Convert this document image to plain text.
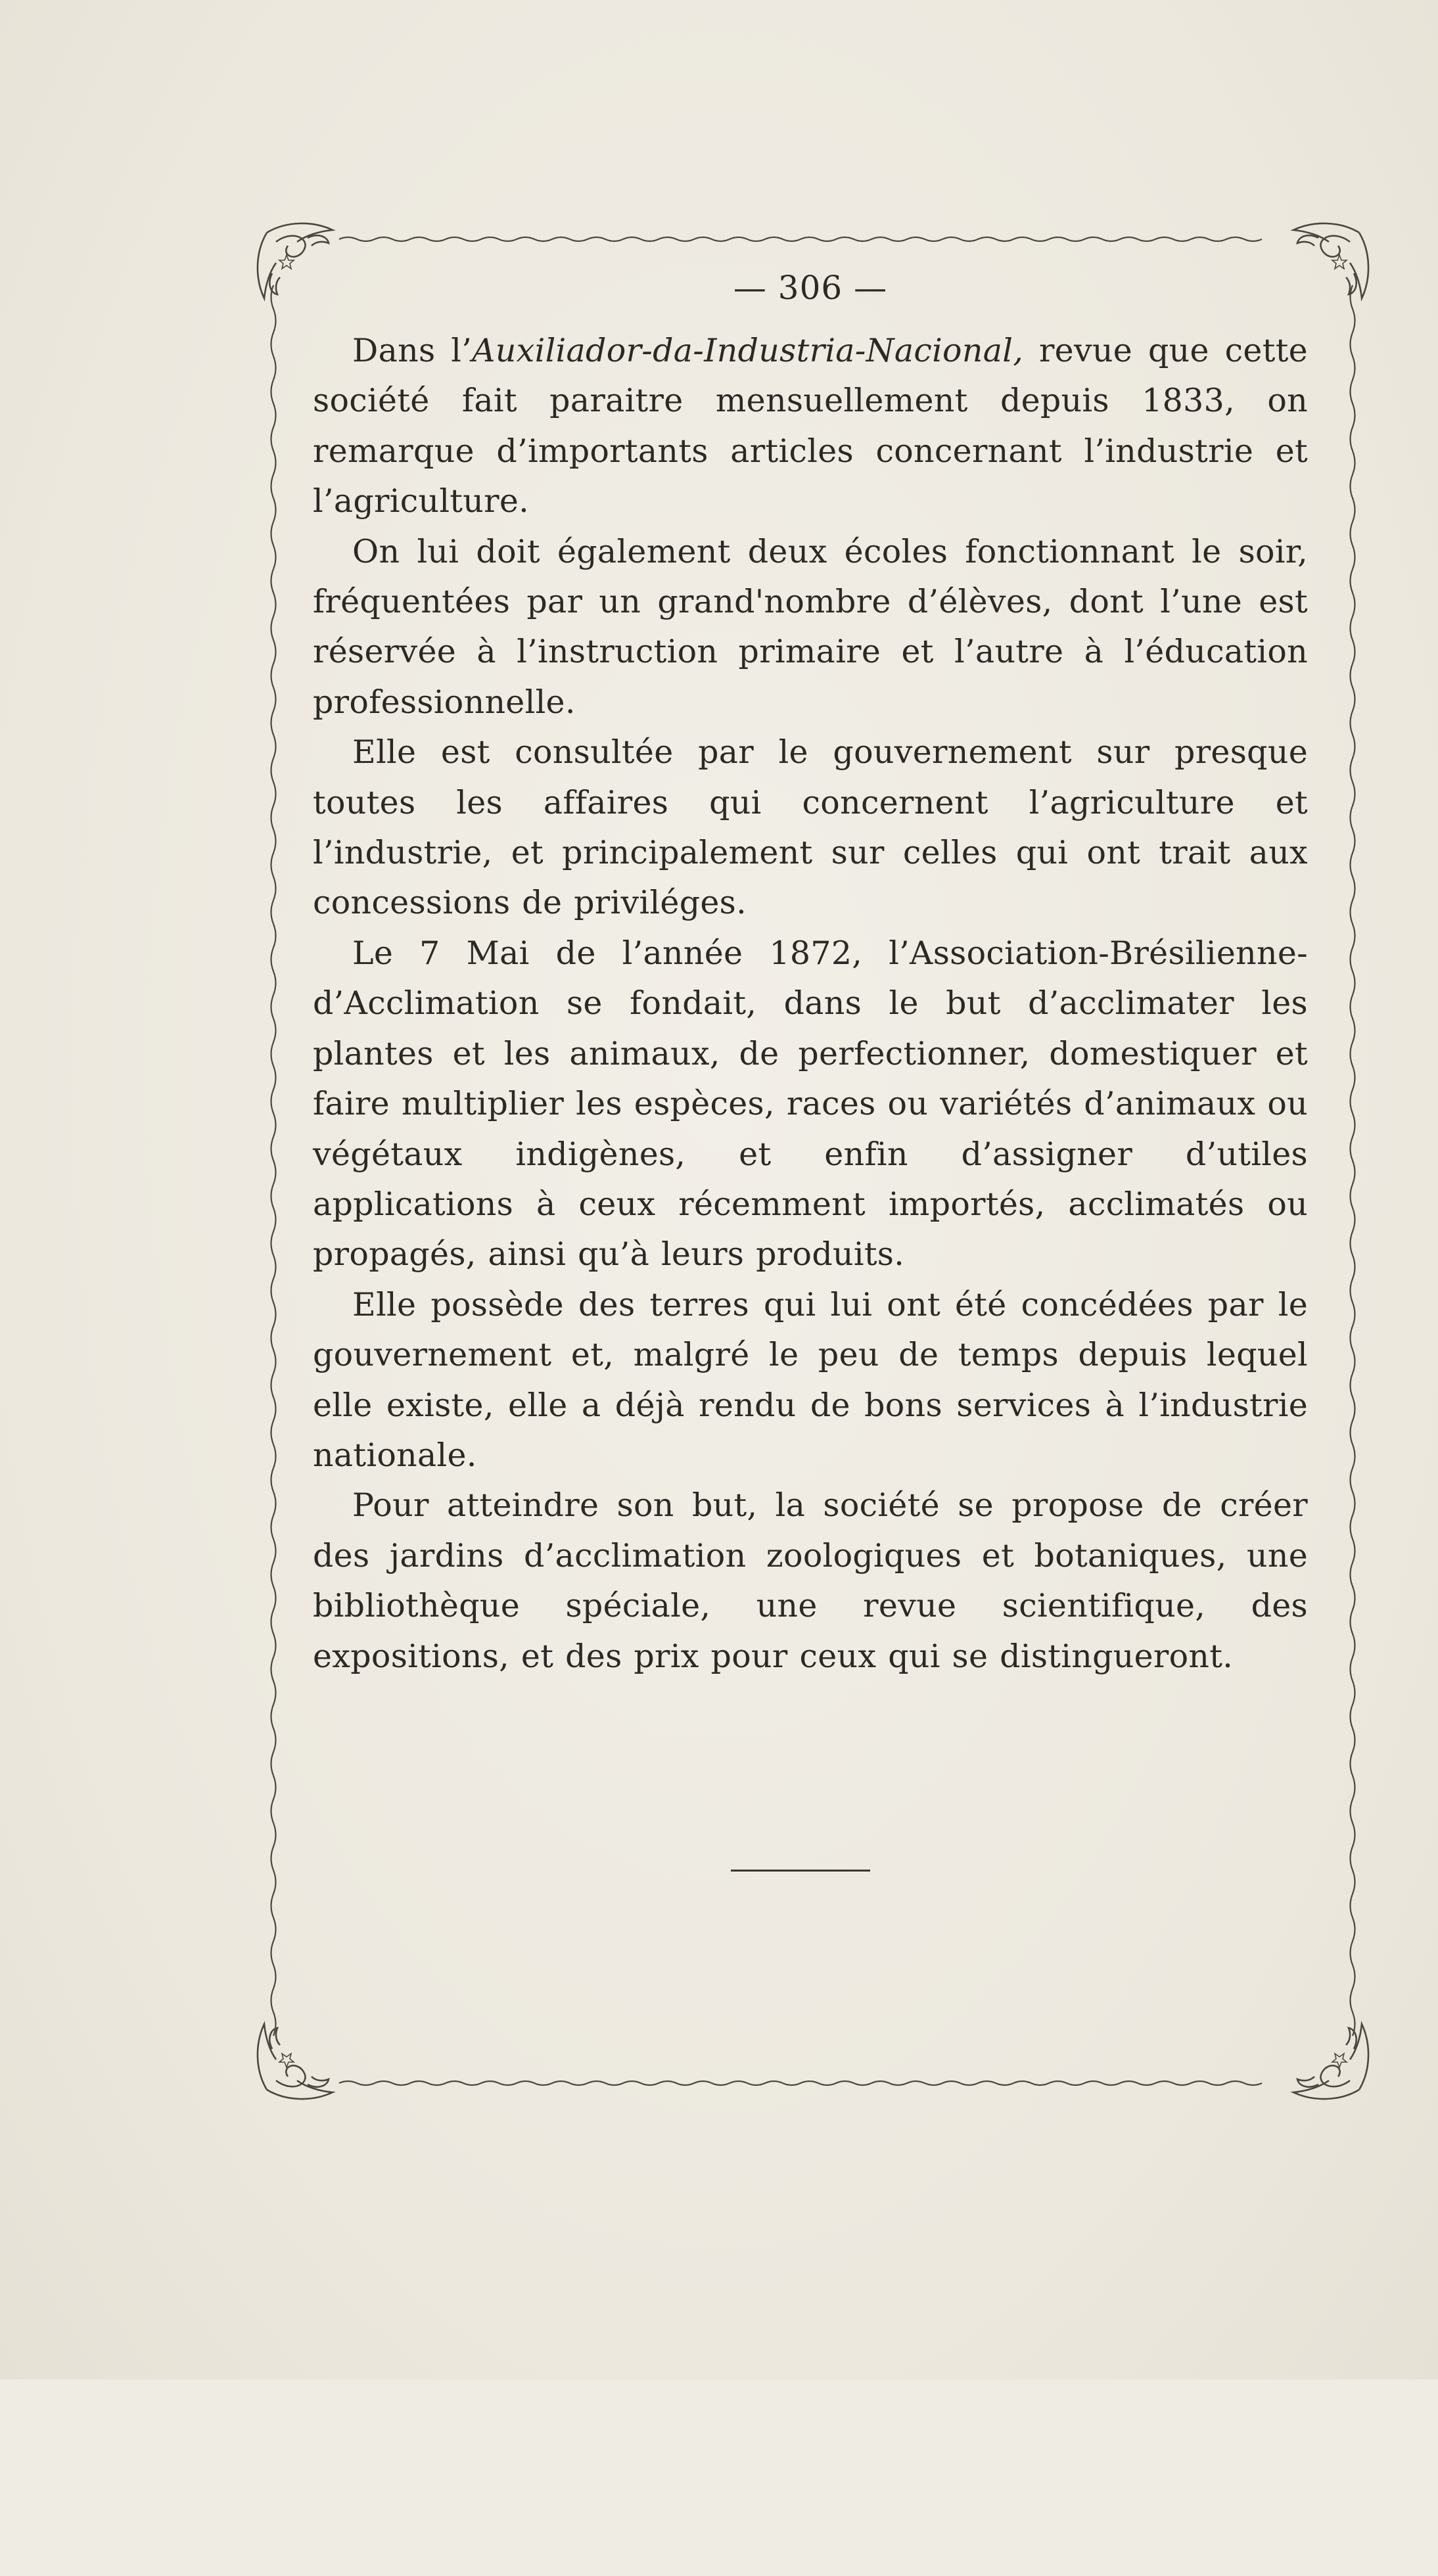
— 306 —

Dans l’Auxiliador-da-Industria-Nacional, revue que cette société fait paraitre mensuellement depuis 1833, on remarque d’importants articles concernant l’industrie et l’agriculture.

On lui doit également deux écoles fonctionnant le soir, fréquentées par un grand'nombre d’élèves, dont l’une est réservée à l’instruction primaire et l’autre à l’éducation professionnelle.

Elle est consultée par le gouvernement sur presque toutes les affaires qui concernent l’agriculture et l’industrie, et principalement sur celles qui ont trait aux concessions de priviléges.

Le 7 Mai de l’année 1872, l’Association-Brésilienne-d’Acclimation se fondait, dans le but d’acclimater les plantes et les animaux, de perfectionner, domestiquer et faire multiplier les espèces, races ou variétés d’animaux ou végétaux indigènes, et enfin d’assigner d’utiles applications à ceux récemment importés, acclimatés ou propagés, ainsi qu’à leurs produits.

Elle possède des terres qui lui ont été concédées par le gouvernement et, malgré le peu de temps depuis lequel elle existe, elle a déjà rendu de bons services à l’industrie nationale.

Pour atteindre son but, la société se propose de créer des jardins d’acclimation zoologiques et botaniques, une bibliothèque spéciale, une revue scientifique, des expositions, et des prix pour ceux qui se distingueront.
